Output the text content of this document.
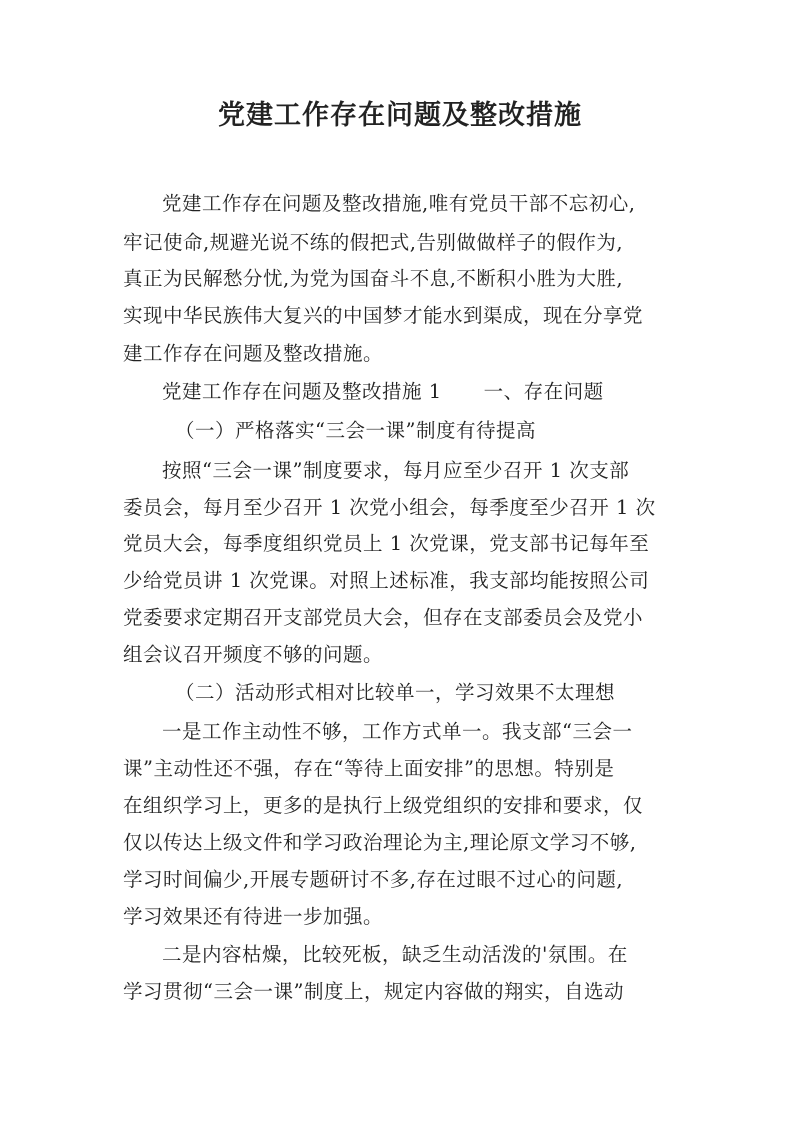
党建工作存在问题及整改措施

党建工作存在问题及整改措施,唯有党员干部不忘初心,

牢记使命,规避光说不练的假把式,告别做做样子的假作为,

真正为民解愁分忧,为党为国奋斗不息,不断积小胜为大胜,

实现中华民族伟大复兴的中国梦才能水到渠成，现在分享党

建工作存在问题及整改措施。

党建工作存在问题及整改措施 1 一、存在问题

（一）严格落实“三会一课”制度有待提高

按照“三会一课”制度要求，每月应至少召开 1 次支部

委员会，每月至少召开 1 次党小组会，每季度至少召开 1 次

党员大会，每季度组织党员上 1 次党课，党支部书记每年至

少给党员讲 1 次党课。对照上述标准，我支部均能按照公司

党委要求定期召开支部党员大会，但存在支部委员会及党小

组会议召开频度不够的问题。

（二）活动形式相对比较单一，学习效果不太理想

一是工作主动性不够，工作方式单一。我支部“三会一

课”主动性还不强，存在“等待上面安排”的思想。特别是

在组织学习上，更多的是执行上级党组织的安排和要求，仅

仅以传达上级文件和学习政治理论为主,理论原文学习不够,

学习时间偏少,开展专题研讨不多,存在过眼不过心的问题,

学习效果还有待进一步加强。

二是内容枯燥，比较死板，缺乏生动活泼的'氛围。在

学习贯彻“三会一课”制度上，规定内容做的翔实，自选动
